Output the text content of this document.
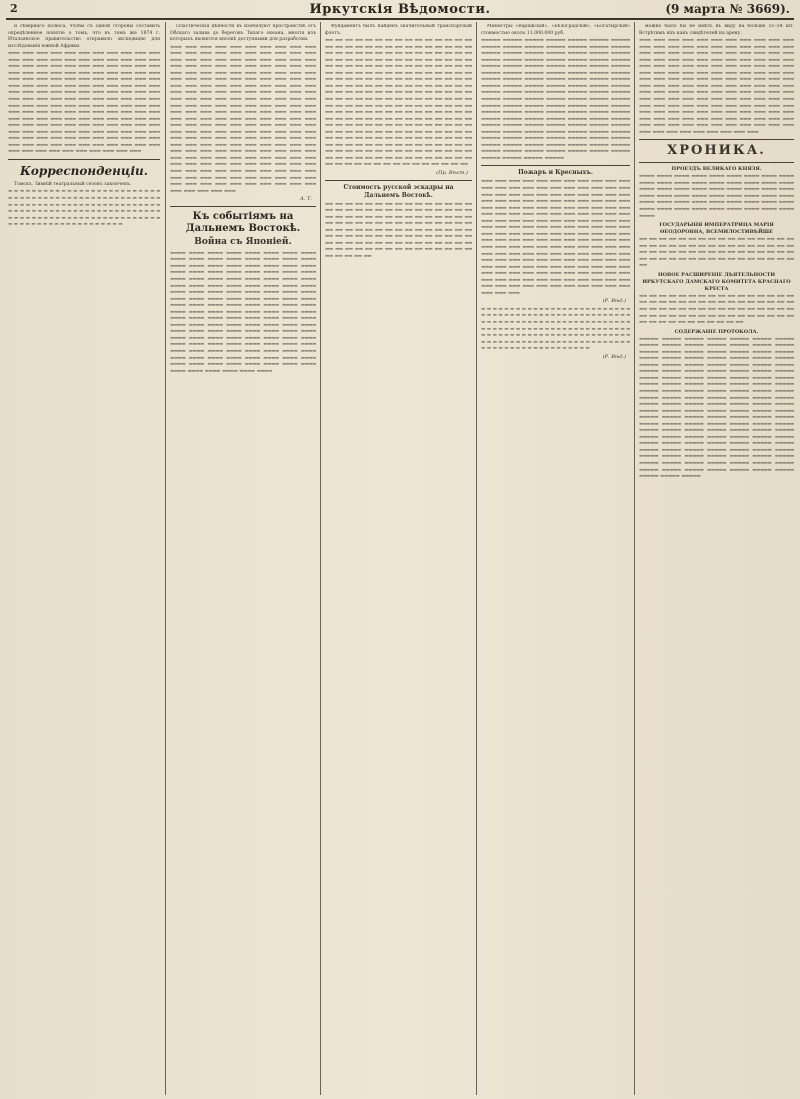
2	Иркутскія Вѣдомости.	(9 марта № 3669).

и сѣвернаго полюса, чтобы съ одной стороны составить опредѣленное понятіе о томъ, что въ томъ же 1874 г. Итальянское правительство отправило экспедицію для изслѣдованія южной Африки.

▬▬▬ ▬▬▬ ▬▬▬ ▬▬▬ ▬▬▬ ▬▬▬ ▬▬▬ ▬▬▬ ▬▬▬ ▬▬▬ ▬▬▬ ▬▬▬ ▬▬▬ ▬▬▬ ▬▬▬ ▬▬▬ ▬▬▬ ▬▬▬ ▬▬▬ ▬▬▬ ▬▬▬ ▬▬▬ ▬▬▬ ▬▬▬ ▬▬▬ ▬▬▬ ▬▬▬ ▬▬▬ ▬▬▬ ▬▬▬ ▬▬▬ ▬▬▬ ▬▬▬ ▬▬▬ ▬▬▬ ▬▬▬ ▬▬▬ ▬▬▬ ▬▬▬ ▬▬▬ ▬▬▬ ▬▬▬ ▬▬▬ ▬▬▬ ▬▬▬ ▬▬▬ ▬▬▬ ▬▬▬ ▬▬▬ ▬▬▬ ▬▬▬ ▬▬▬ ▬▬▬ ▬▬▬ ▬▬▬ ▬▬▬ ▬▬▬ ▬▬▬ ▬▬▬ ▬▬▬ ▬▬▬ ▬▬▬ ▬▬▬ ▬▬▬ ▬▬▬ ▬▬▬ ▬▬▬ ▬▬▬ ▬▬▬ ▬▬▬ ▬▬▬ ▬▬▬ ▬▬▬ ▬▬▬ ▬▬▬ ▬▬▬ ▬▬▬ ▬▬▬ ▬▬▬ ▬▬▬ ▬▬▬ ▬▬▬ ▬▬▬ ▬▬▬ ▬▬▬ ▬▬▬ ▬▬▬ ▬▬▬ ▬▬▬ ▬▬▬ ▬▬▬ ▬▬▬ ▬▬▬ ▬▬▬ ▬▬▬ ▬▬▬ ▬▬▬ ▬▬▬ ▬▬▬ ▬▬▬ ▬▬▬ ▬▬▬ ▬▬▬ ▬▬▬ ▬▬▬ ▬▬▬ ▬▬▬ ▬▬▬ ▬▬▬ ▬▬▬ ▬▬▬ ▬▬▬ ▬▬▬ ▬▬▬ ▬▬▬ ▬▬▬ ▬▬▬ ▬▬▬ ▬▬▬ ▬▬▬ ▬▬▬ ▬▬▬ ▬▬▬ ▬▬▬ ▬▬▬ ▬▬▬ ▬▬▬ ▬▬▬ ▬▬▬ ▬▬▬ ▬▬▬ ▬▬▬ ▬▬▬ ▬▬▬ ▬▬▬ ▬▬▬ ▬▬▬ ▬▬▬ ▬▬▬ ▬▬▬ ▬▬▬ ▬▬▬ ▬▬▬ ▬▬▬ ▬▬▬ ▬▬▬ ▬▬▬ ▬▬▬ ▬▬▬ ▬▬▬ ▬▬▬ ▬▬▬ ▬▬▬ ▬▬▬ ▬▬▬ ▬▬▬ ▬▬▬ ▬▬▬ ▬▬▬ ▬▬▬ ▬▬▬ ▬▬▬ ▬▬▬ ▬▬▬ ▬▬▬ ▬▬▬ ▬▬▬ ▬▬▬ ▬▬▬ ▬▬▬ ▬▬▬ ▬▬▬ ▬▬▬ ▬▬▬ ▬▬▬
Корреспонденціи.

Томскъ. Зимній театральный сезонъ законченъ.

▬ ▬ ▬ ▬ ▬ ▬ ▬ ▬ ▬ ▬ ▬ ▬ ▬ ▬ ▬ ▬ ▬ ▬ ▬ ▬ ▬ ▬ ▬ ▬ ▬ ▬ ▬ ▬ ▬ ▬ ▬ ▬ ▬ ▬ ▬ ▬ ▬ ▬ ▬ ▬ ▬ ▬ ▬ ▬ ▬ ▬ ▬ ▬ ▬ ▬ ▬ ▬ ▬ ▬ ▬ ▬ ▬ ▬ ▬ ▬ ▬ ▬ ▬ ▬ ▬ ▬ ▬ ▬ ▬ ▬ ▬ ▬ ▬ ▬ ▬ ▬ ▬ ▬ ▬ ▬ ▬ ▬ ▬ ▬ ▬ ▬ ▬ ▬ ▬ ▬ ▬ ▬ ▬ ▬ ▬ ▬ ▬ ▬ ▬ ▬ ▬ ▬ ▬ ▬ ▬ ▬ ▬ ▬ ▬ ▬ ▬ ▬ ▬ ▬ ▬ ▬ ▬ ▬ ▬ ▬ ▬ ▬ ▬ ▬ ▬ ▬ ▬ ▬ ▬ ▬ ▬ ▬ ▬ ▬ ▬ ▬ ▬ ▬ ▬ ▬ ▬ ▬ ▬ ▬ ▬ ▬ ▬ ▬ ▬ ▬

Пластическія цѣнности въ изобилуют пространствѣ отъ Обскаго залива до береговъ Тихаго океана, многія изъ которыхъ являются вполнѣ доступными для разработки.

▬▬▬ ▬▬▬ ▬▬▬ ▬▬▬ ▬▬▬ ▬▬▬ ▬▬▬ ▬▬▬ ▬▬▬ ▬▬▬ ▬▬▬ ▬▬▬ ▬▬▬ ▬▬▬ ▬▬▬ ▬▬▬ ▬▬▬ ▬▬▬ ▬▬▬ ▬▬▬ ▬▬▬ ▬▬▬ ▬▬▬ ▬▬▬ ▬▬▬ ▬▬▬ ▬▬▬ ▬▬▬ ▬▬▬ ▬▬▬ ▬▬▬ ▬▬▬ ▬▬▬ ▬▬▬ ▬▬▬ ▬▬▬ ▬▬▬ ▬▬▬ ▬▬▬ ▬▬▬ ▬▬▬ ▬▬▬ ▬▬▬ ▬▬▬ ▬▬▬ ▬▬▬ ▬▬▬ ▬▬▬ ▬▬▬ ▬▬▬ ▬▬▬ ▬▬▬ ▬▬▬ ▬▬▬ ▬▬▬ ▬▬▬ ▬▬▬ ▬▬▬ ▬▬▬ ▬▬▬ ▬▬▬ ▬▬▬ ▬▬▬ ▬▬▬ ▬▬▬ ▬▬▬ ▬▬▬ ▬▬▬ ▬▬▬ ▬▬▬ ▬▬▬ ▬▬▬ ▬▬▬ ▬▬▬ ▬▬▬ ▬▬▬ ▬▬▬ ▬▬▬ ▬▬▬ ▬▬▬ ▬▬▬ ▬▬▬ ▬▬▬ ▬▬▬ ▬▬▬ ▬▬▬ ▬▬▬ ▬▬▬ ▬▬▬ ▬▬▬ ▬▬▬ ▬▬▬ ▬▬▬ ▬▬▬ ▬▬▬ ▬▬▬ ▬▬▬ ▬▬▬ ▬▬▬ ▬▬▬ ▬▬▬ ▬▬▬ ▬▬▬ ▬▬▬ ▬▬▬ ▬▬▬ ▬▬▬ ▬▬▬ ▬▬▬ ▬▬▬ ▬▬▬ ▬▬▬ ▬▬▬ ▬▬▬ ▬▬▬ ▬▬▬ ▬▬▬ ▬▬▬ ▬▬▬ ▬▬▬ ▬▬▬ ▬▬▬ ▬▬▬ ▬▬▬ ▬▬▬ ▬▬▬ ▬▬▬ ▬▬▬ ▬▬▬ ▬▬▬ ▬▬▬ ▬▬▬ ▬▬▬ ▬▬▬ ▬▬▬ ▬▬▬ ▬▬▬ ▬▬▬ ▬▬▬ ▬▬▬ ▬▬▬ ▬▬▬ ▬▬▬ ▬▬▬ ▬▬▬ ▬▬▬ ▬▬▬ ▬▬▬ ▬▬▬ ▬▬▬ ▬▬▬ ▬▬▬ ▬▬▬ ▬▬▬ ▬▬▬ ▬▬▬ ▬▬▬ ▬▬▬ ▬▬▬ ▬▬▬ ▬▬▬ ▬▬▬ ▬▬▬ ▬▬▬ ▬▬▬ ▬▬▬ ▬▬▬ ▬▬▬ ▬▬▬ ▬▬▬ ▬▬▬ ▬▬▬ ▬▬▬ ▬▬▬ ▬▬▬ ▬▬▬ ▬▬▬ ▬▬▬ ▬▬▬ ▬▬▬ ▬▬▬ ▬▬▬ ▬▬▬ ▬▬▬ ▬▬▬ ▬▬▬ ▬▬▬ ▬▬▬ ▬▬▬ ▬▬▬ ▬▬▬ ▬▬▬ ▬▬▬ ▬▬▬ ▬▬▬ ▬▬▬ ▬▬▬ ▬▬▬ ▬▬▬ ▬▬▬ ▬▬▬ ▬▬▬ ▬▬▬ ▬▬▬ ▬▬▬ ▬▬▬ ▬▬▬ ▬▬▬ ▬▬▬ ▬▬▬ ▬▬▬ ▬▬▬ ▬▬▬ ▬▬▬ ▬▬▬ ▬▬▬ ▬▬▬ ▬▬▬ ▬▬▬ ▬▬▬ ▬▬▬ ▬▬▬ ▬▬▬ ▬▬▬ ▬▬▬
А. Т.
Къ событіямъ на Дальнемъ Востокѣ.
Война съ Японіей.
▬▬▬▬ ▬▬▬▬ ▬▬▬▬ ▬▬▬▬ ▬▬▬▬ ▬▬▬▬ ▬▬▬▬ ▬▬▬▬ ▬▬▬▬ ▬▬▬▬ ▬▬▬▬ ▬▬▬▬ ▬▬▬▬ ▬▬▬▬ ▬▬▬▬ ▬▬▬▬ ▬▬▬▬ ▬▬▬▬ ▬▬▬▬ ▬▬▬▬ ▬▬▬▬ ▬▬▬▬ ▬▬▬▬ ▬▬▬▬ ▬▬▬▬ ▬▬▬▬ ▬▬▬▬ ▬▬▬▬ ▬▬▬▬ ▬▬▬▬ ▬▬▬▬ ▬▬▬▬ ▬▬▬▬ ▬▬▬▬ ▬▬▬▬ ▬▬▬▬ ▬▬▬▬ ▬▬▬▬ ▬▬▬▬ ▬▬▬▬ ▬▬▬▬ ▬▬▬▬ ▬▬▬▬ ▬▬▬▬ ▬▬▬▬ ▬▬▬▬ ▬▬▬▬ ▬▬▬▬ ▬▬▬▬ ▬▬▬▬ ▬▬▬▬ ▬▬▬▬ ▬▬▬▬ ▬▬▬▬ ▬▬▬▬ ▬▬▬▬ ▬▬▬▬ ▬▬▬▬ ▬▬▬▬ ▬▬▬▬ ▬▬▬▬ ▬▬▬▬ ▬▬▬▬ ▬▬▬▬ ▬▬▬▬ ▬▬▬▬ ▬▬▬▬ ▬▬▬▬ ▬▬▬▬ ▬▬▬▬ ▬▬▬▬ ▬▬▬▬ ▬▬▬▬ ▬▬▬▬ ▬▬▬▬ ▬▬▬▬ ▬▬▬▬ ▬▬▬▬ ▬▬▬▬ ▬▬▬▬ ▬▬▬▬ ▬▬▬▬ ▬▬▬▬ ▬▬▬▬ ▬▬▬▬ ▬▬▬▬ ▬▬▬▬ ▬▬▬▬ ▬▬▬▬ ▬▬▬▬ ▬▬▬▬ ▬▬▬▬ ▬▬▬▬ ▬▬▬▬ ▬▬▬▬ ▬▬▬▬ ▬▬▬▬ ▬▬▬▬ ▬▬▬▬ ▬▬▬▬ ▬▬▬▬ ▬▬▬▬ ▬▬▬▬ ▬▬▬▬ ▬▬▬▬ ▬▬▬▬ ▬▬▬▬ ▬▬▬▬ ▬▬▬▬ ▬▬▬▬ ▬▬▬▬ ▬▬▬▬ ▬▬▬▬ ▬▬▬▬ ▬▬▬▬ ▬▬▬▬ ▬▬▬▬ ▬▬▬▬ ▬▬▬▬ ▬▬▬▬ ▬▬▬▬ ▬▬▬▬ ▬▬▬▬ ▬▬▬▬ ▬▬▬▬ ▬▬▬▬ ▬▬▬▬ ▬▬▬▬ ▬▬▬▬ ▬▬▬▬ ▬▬▬▬ ▬▬▬▬ ▬▬▬▬ ▬▬▬▬ ▬▬▬▬ ▬▬▬▬ ▬▬▬▬ ▬▬▬▬ ▬▬▬▬ ▬▬▬▬ ▬▬▬▬ ▬▬▬▬ ▬▬▬▬ ▬▬▬▬ ▬▬▬▬ ▬▬▬▬ ▬▬▬▬ ▬▬▬▬ ▬▬▬▬ ▬▬▬▬

Фундаментъ былъ найденъ значительный транспортный флотъ.

▬▬ ▬▬ ▬▬ ▬▬ ▬▬ ▬▬ ▬▬ ▬▬ ▬▬ ▬▬ ▬▬ ▬▬ ▬▬ ▬▬ ▬▬ ▬▬ ▬▬ ▬▬ ▬▬ ▬▬ ▬▬ ▬▬ ▬▬ ▬▬ ▬▬ ▬▬ ▬▬ ▬▬ ▬▬ ▬▬ ▬▬ ▬▬ ▬▬ ▬▬ ▬▬ ▬▬ ▬▬ ▬▬ ▬▬ ▬▬ ▬▬ ▬▬ ▬▬ ▬▬ ▬▬ ▬▬ ▬▬ ▬▬ ▬▬ ▬▬ ▬▬ ▬▬ ▬▬ ▬▬ ▬▬ ▬▬ ▬▬ ▬▬ ▬▬ ▬▬ ▬▬ ▬▬ ▬▬ ▬▬ ▬▬ ▬▬ ▬▬ ▬▬ ▬▬ ▬▬ ▬▬ ▬▬ ▬▬ ▬▬ ▬▬ ▬▬ ▬▬ ▬▬ ▬▬ ▬▬ ▬▬ ▬▬ ▬▬ ▬▬ ▬▬ ▬▬ ▬▬ ▬▬ ▬▬ ▬▬ ▬▬ ▬▬ ▬▬ ▬▬ ▬▬ ▬▬ ▬▬ ▬▬ ▬▬ ▬▬ ▬▬ ▬▬ ▬▬ ▬▬ ▬▬ ▬▬ ▬▬ ▬▬ ▬▬ ▬▬ ▬▬ ▬▬ ▬▬ ▬▬ ▬▬ ▬▬ ▬▬ ▬▬ ▬▬ ▬▬ ▬▬ ▬▬ ▬▬ ▬▬ ▬▬ ▬▬ ▬▬ ▬▬ ▬▬ ▬▬ ▬▬ ▬▬ ▬▬ ▬▬ ▬▬ ▬▬ ▬▬ ▬▬ ▬▬ ▬▬ ▬▬ ▬▬ ▬▬ ▬▬ ▬▬ ▬▬ ▬▬ ▬▬ ▬▬ ▬▬ ▬▬ ▬▬ ▬▬ ▬▬ ▬▬ ▬▬ ▬▬ ▬▬ ▬▬ ▬▬ ▬▬ ▬▬ ▬▬ ▬▬ ▬▬ ▬▬ ▬▬ ▬▬ ▬▬ ▬▬ ▬▬ ▬▬ ▬▬ ▬▬ ▬▬ ▬▬ ▬▬ ▬▬ ▬▬ ▬▬ ▬▬ ▬▬ ▬▬ ▬▬ ▬▬ ▬▬ ▬▬ ▬▬ ▬▬ ▬▬ ▬▬ ▬▬ ▬▬ ▬▬ ▬▬ ▬▬ ▬▬ ▬▬ ▬▬ ▬▬ ▬▬ ▬▬ ▬▬ ▬▬ ▬▬ ▬▬ ▬▬ ▬▬ ▬▬ ▬▬ ▬▬ ▬▬ ▬▬ ▬▬ ▬▬ ▬▬ ▬▬ ▬▬ ▬▬ ▬▬ ▬▬ ▬▬ ▬▬ ▬▬ ▬▬ ▬▬ ▬▬ ▬▬ ▬▬ ▬▬ ▬▬ ▬▬ ▬▬ ▬▬ ▬▬ ▬▬ ▬▬ ▬▬ ▬▬ ▬▬ ▬▬ ▬▬ ▬▬ ▬▬ ▬▬ ▬▬ ▬▬ ▬▬ ▬▬ ▬▬ ▬▬ ▬▬ ▬▬ ▬▬ ▬▬ ▬▬ ▬▬ ▬▬ ▬▬ ▬▬ ▬▬ ▬▬ ▬▬ ▬▬ ▬▬ ▬▬ ▬▬ ▬▬ ▬▬ ▬▬ ▬▬ ▬▬ ▬▬ ▬▬ ▬▬ ▬▬ ▬▬ ▬▬ ▬▬ ▬▬ ▬▬ ▬▬ ▬▬ ▬▬ ▬▬ ▬▬ ▬▬ ▬▬ ▬▬ ▬▬ ▬▬ ▬▬ ▬▬ ▬▬ ▬▬ ▬▬ ▬▬ ▬▬ ▬▬ ▬▬
(Пр. Вѣст.)
Стоимость русской эскадры на Дальнемъ Востокѣ.
▬▬ ▬▬ ▬▬ ▬▬ ▬▬ ▬▬ ▬▬ ▬▬ ▬▬ ▬▬ ▬▬ ▬▬ ▬▬ ▬▬ ▬▬ ▬▬ ▬▬ ▬▬ ▬▬ ▬▬ ▬▬ ▬▬ ▬▬ ▬▬ ▬▬ ▬▬ ▬▬ ▬▬ ▬▬ ▬▬ ▬▬ ▬▬ ▬▬ ▬▬ ▬▬ ▬▬ ▬▬ ▬▬ ▬▬ ▬▬ ▬▬ ▬▬ ▬▬ ▬▬ ▬▬ ▬▬ ▬▬ ▬▬ ▬▬ ▬▬ ▬▬ ▬▬ ▬▬ ▬▬ ▬▬ ▬▬ ▬▬ ▬▬ ▬▬ ▬▬ ▬▬ ▬▬ ▬▬ ▬▬ ▬▬ ▬▬ ▬▬ ▬▬ ▬▬ ▬▬ ▬▬ ▬▬ ▬▬ ▬▬ ▬▬ ▬▬ ▬▬ ▬▬ ▬▬ ▬▬ ▬▬ ▬▬ ▬▬ ▬▬ ▬▬ ▬▬ ▬▬ ▬▬ ▬▬ ▬▬ ▬▬ ▬▬ ▬▬ ▬▬ ▬▬ ▬▬ ▬▬ ▬▬ ▬▬ ▬▬ ▬▬ ▬▬ ▬▬ ▬▬ ▬▬ ▬▬ ▬▬ ▬▬ ▬▬ ▬▬ ▬▬ ▬▬ ▬▬ ▬▬ ▬▬ ▬▬ ▬▬ ▬▬ ▬▬ ▬▬ ▬▬ ▬▬ ▬▬ ▬▬ ▬▬

Министры «Варяжскій», «Бѣлоградскій», «Богатырскій» стоимостью около 11.000.000 руб.

▬▬▬▬▬ ▬▬▬▬▬ ▬▬▬▬▬ ▬▬▬▬▬ ▬▬▬▬▬ ▬▬▬▬▬ ▬▬▬▬▬ ▬▬▬▬▬ ▬▬▬▬▬ ▬▬▬▬▬ ▬▬▬▬▬ ▬▬▬▬▬ ▬▬▬▬▬ ▬▬▬▬▬ ▬▬▬▬▬ ▬▬▬▬▬ ▬▬▬▬▬ ▬▬▬▬▬ ▬▬▬▬▬ ▬▬▬▬▬ ▬▬▬▬▬ ▬▬▬▬▬ ▬▬▬▬▬ ▬▬▬▬▬ ▬▬▬▬▬ ▬▬▬▬▬ ▬▬▬▬▬ ▬▬▬▬▬ ▬▬▬▬▬ ▬▬▬▬▬ ▬▬▬▬▬ ▬▬▬▬▬ ▬▬▬▬▬ ▬▬▬▬▬ ▬▬▬▬▬ ▬▬▬▬▬ ▬▬▬▬▬ ▬▬▬▬▬ ▬▬▬▬▬ ▬▬▬▬▬ ▬▬▬▬▬ ▬▬▬▬▬ ▬▬▬▬▬ ▬▬▬▬▬ ▬▬▬▬▬ ▬▬▬▬▬ ▬▬▬▬▬ ▬▬▬▬▬ ▬▬▬▬▬ ▬▬▬▬▬ ▬▬▬▬▬ ▬▬▬▬▬ ▬▬▬▬▬ ▬▬▬▬▬ ▬▬▬▬▬ ▬▬▬▬▬ ▬▬▬▬▬ ▬▬▬▬▬ ▬▬▬▬▬ ▬▬▬▬▬ ▬▬▬▬▬ ▬▬▬▬▬ ▬▬▬▬▬ ▬▬▬▬▬ ▬▬▬▬▬ ▬▬▬▬▬ ▬▬▬▬▬ ▬▬▬▬▬ ▬▬▬▬▬ ▬▬▬▬▬ ▬▬▬▬▬ ▬▬▬▬▬ ▬▬▬▬▬ ▬▬▬▬▬ ▬▬▬▬▬ ▬▬▬▬▬ ▬▬▬▬▬ ▬▬▬▬▬ ▬▬▬▬▬ ▬▬▬▬▬ ▬▬▬▬▬ ▬▬▬▬▬ ▬▬▬▬▬ ▬▬▬▬▬ ▬▬▬▬▬ ▬▬▬▬▬ ▬▬▬▬▬ ▬▬▬▬▬ ▬▬▬▬▬ ▬▬▬▬▬ ▬▬▬▬▬ ▬▬▬▬▬ ▬▬▬▬▬ ▬▬▬▬▬ ▬▬▬▬▬ ▬▬▬▬▬ ▬▬▬▬▬ ▬▬▬▬▬ ▬▬▬▬▬ ▬▬▬▬▬ ▬▬▬▬▬ ▬▬▬▬▬ ▬▬▬▬▬ ▬▬▬▬▬ ▬▬▬▬▬ ▬▬▬▬▬ ▬▬▬▬▬ ▬▬▬▬▬ ▬▬▬▬▬ ▬▬▬▬▬ ▬▬▬▬▬ ▬▬▬▬▬ ▬▬▬▬▬ ▬▬▬▬▬ ▬▬▬▬▬ ▬▬▬▬▬ ▬▬▬▬▬ ▬▬▬▬▬ ▬▬▬▬▬ ▬▬▬▬▬ ▬▬▬▬▬ ▬▬▬▬▬ ▬▬▬▬▬ ▬▬▬▬▬ ▬▬▬▬▬ ▬▬▬▬▬ ▬▬▬▬▬ ▬▬▬▬▬ ▬▬▬▬▬ ▬▬▬▬▬
Пожаръ и Кресныхъ.
▬▬▬ ▬▬▬ ▬▬▬ ▬▬▬ ▬▬▬ ▬▬▬ ▬▬▬ ▬▬▬ ▬▬▬ ▬▬▬ ▬▬▬ ▬▬▬ ▬▬▬ ▬▬▬ ▬▬▬ ▬▬▬ ▬▬▬ ▬▬▬ ▬▬▬ ▬▬▬ ▬▬▬ ▬▬▬ ▬▬▬ ▬▬▬ ▬▬▬ ▬▬▬ ▬▬▬ ▬▬▬ ▬▬▬ ▬▬▬ ▬▬▬ ▬▬▬ ▬▬▬ ▬▬▬ ▬▬▬ ▬▬▬ ▬▬▬ ▬▬▬ ▬▬▬ ▬▬▬ ▬▬▬ ▬▬▬ ▬▬▬ ▬▬▬ ▬▬▬ ▬▬▬ ▬▬▬ ▬▬▬ ▬▬▬ ▬▬▬ ▬▬▬ ▬▬▬ ▬▬▬ ▬▬▬ ▬▬▬ ▬▬▬ ▬▬▬ ▬▬▬ ▬▬▬ ▬▬▬ ▬▬▬ ▬▬▬ ▬▬▬ ▬▬▬ ▬▬▬ ▬▬▬ ▬▬▬ ▬▬▬ ▬▬▬ ▬▬▬ ▬▬▬ ▬▬▬ ▬▬▬ ▬▬▬ ▬▬▬ ▬▬▬ ▬▬▬ ▬▬▬ ▬▬▬ ▬▬▬ ▬▬▬ ▬▬▬ ▬▬▬ ▬▬▬ ▬▬▬ ▬▬▬ ▬▬▬ ▬▬▬ ▬▬▬ ▬▬▬ ▬▬▬ ▬▬▬ ▬▬▬ ▬▬▬ ▬▬▬ ▬▬▬ ▬▬▬ ▬▬▬ ▬▬▬ ▬▬▬ ▬▬▬ ▬▬▬ ▬▬▬ ▬▬▬ ▬▬▬ ▬▬▬ ▬▬▬ ▬▬▬ ▬▬▬ ▬▬▬ ▬▬▬ ▬▬▬ ▬▬▬ ▬▬▬ ▬▬▬ ▬▬▬ ▬▬▬ ▬▬▬ ▬▬▬ ▬▬▬ ▬▬▬ ▬▬▬ ▬▬▬ ▬▬▬ ▬▬▬ ▬▬▬ ▬▬▬ ▬▬▬ ▬▬▬ ▬▬▬ ▬▬▬ ▬▬▬ ▬▬▬ ▬▬▬ ▬▬▬ ▬▬▬ ▬▬▬ ▬▬▬ ▬▬▬ ▬▬▬ ▬▬▬ ▬▬▬ ▬▬▬ ▬▬▬ ▬▬▬ ▬▬▬ ▬▬▬ ▬▬▬ ▬▬▬ ▬▬▬ ▬▬▬ ▬▬▬ ▬▬▬ ▬▬▬ ▬▬▬ ▬▬▬ ▬▬▬ ▬▬▬ ▬▬▬ ▬▬▬ ▬▬▬ ▬▬▬ ▬▬▬ ▬▬▬ ▬▬▬ ▬▬▬ ▬▬▬ ▬▬▬ ▬▬▬ ▬▬▬ ▬▬▬ ▬▬▬ ▬▬▬ ▬▬▬ ▬▬▬ ▬▬▬ ▬▬▬ ▬▬▬ ▬▬▬ ▬▬▬ ▬▬▬ ▬▬▬ ▬▬▬ ▬▬▬ ▬▬▬ ▬▬▬ ▬▬▬ ▬▬▬ ▬▬▬ ▬▬▬
(Р. Вѣд.)
▬ ▬ ▬ ▬ ▬ ▬ ▬ ▬ ▬ ▬ ▬ ▬ ▬ ▬ ▬ ▬ ▬ ▬ ▬ ▬ ▬ ▬ ▬ ▬ ▬ ▬ ▬ ▬ ▬ ▬ ▬ ▬ ▬ ▬ ▬ ▬ ▬ ▬ ▬ ▬ ▬ ▬ ▬ ▬ ▬ ▬ ▬ ▬ ▬ ▬ ▬ ▬ ▬ ▬ ▬ ▬ ▬ ▬ ▬ ▬ ▬ ▬ ▬ ▬ ▬ ▬ ▬ ▬ ▬ ▬ ▬ ▬ ▬ ▬ ▬ ▬ ▬ ▬ ▬ ▬ ▬ ▬ ▬ ▬ ▬ ▬ ▬ ▬ ▬ ▬ ▬ ▬ ▬ ▬ ▬ ▬ ▬ ▬ ▬ ▬ ▬ ▬ ▬ ▬ ▬ ▬ ▬ ▬ ▬ ▬ ▬ ▬ ▬ ▬ ▬ ▬ ▬ ▬ ▬ ▬ ▬ ▬ ▬ ▬ ▬ ▬ ▬ ▬ ▬ ▬ ▬ ▬ ▬ ▬ ▬ ▬ ▬ ▬ ▬ ▬ ▬ ▬ ▬ ▬ ▬ ▬ ▬ ▬ ▬ ▬ ▬ ▬ ▬ ▬ ▬ ▬ ▬ ▬ ▬ ▬ ▬ ▬ ▬ ▬ ▬ ▬ ▬ ▬ ▬ ▬ ▬ ▬ ▬ ▬ ▬
(Р. Вѣд.)

можно было бы не имѣть въ виду на больше 51–54 шт. Встрѣтимъ ихъ какъ свидѣтелей на арену.

▬▬▬ ▬▬▬ ▬▬▬ ▬▬▬ ▬▬▬ ▬▬▬ ▬▬▬ ▬▬▬ ▬▬▬ ▬▬▬ ▬▬▬ ▬▬▬ ▬▬▬ ▬▬▬ ▬▬▬ ▬▬▬ ▬▬▬ ▬▬▬ ▬▬▬ ▬▬▬ ▬▬▬ ▬▬▬ ▬▬▬ ▬▬▬ ▬▬▬ ▬▬▬ ▬▬▬ ▬▬▬ ▬▬▬ ▬▬▬ ▬▬▬ ▬▬▬ ▬▬▬ ▬▬▬ ▬▬▬ ▬▬▬ ▬▬▬ ▬▬▬ ▬▬▬ ▬▬▬ ▬▬▬ ▬▬▬ ▬▬▬ ▬▬▬ ▬▬▬ ▬▬▬ ▬▬▬ ▬▬▬ ▬▬▬ ▬▬▬ ▬▬▬ ▬▬▬ ▬▬▬ ▬▬▬ ▬▬▬ ▬▬▬ ▬▬▬ ▬▬▬ ▬▬▬ ▬▬▬ ▬▬▬ ▬▬▬ ▬▬▬ ▬▬▬ ▬▬▬ ▬▬▬ ▬▬▬ ▬▬▬ ▬▬▬ ▬▬▬ ▬▬▬ ▬▬▬ ▬▬▬ ▬▬▬ ▬▬▬ ▬▬▬ ▬▬▬ ▬▬▬ ▬▬▬ ▬▬▬ ▬▬▬ ▬▬▬ ▬▬▬ ▬▬▬ ▬▬▬ ▬▬▬ ▬▬▬ ▬▬▬ ▬▬▬ ▬▬▬ ▬▬▬ ▬▬▬ ▬▬▬ ▬▬▬ ▬▬▬ ▬▬▬ ▬▬▬ ▬▬▬ ▬▬▬ ▬▬▬ ▬▬▬ ▬▬▬ ▬▬▬ ▬▬▬ ▬▬▬ ▬▬▬ ▬▬▬ ▬▬▬ ▬▬▬ ▬▬▬ ▬▬▬ ▬▬▬ ▬▬▬ ▬▬▬ ▬▬▬ ▬▬▬ ▬▬▬ ▬▬▬ ▬▬▬ ▬▬▬ ▬▬▬ ▬▬▬ ▬▬▬ ▬▬▬ ▬▬▬ ▬▬▬ ▬▬▬ ▬▬▬ ▬▬▬ ▬▬▬ ▬▬▬ ▬▬▬ ▬▬▬ ▬▬▬ ▬▬▬ ▬▬▬ ▬▬▬ ▬▬▬ ▬▬▬ ▬▬▬ ▬▬▬ ▬▬▬ ▬▬▬ ▬▬▬ ▬▬▬ ▬▬▬ ▬▬▬ ▬▬▬ ▬▬▬ ▬▬▬ ▬▬▬ ▬▬▬ ▬▬▬ ▬▬▬ ▬▬▬ ▬▬▬ ▬▬▬ ▬▬▬ ▬▬▬ ▬▬▬ ▬▬▬ ▬▬▬ ▬▬▬
ХРОНИКА.
ПРОЕЗДЪ ВЕЛИКАГО КНЯЗЯ.
▬▬▬▬ ▬▬▬▬ ▬▬▬▬ ▬▬▬▬ ▬▬▬▬ ▬▬▬▬ ▬▬▬▬ ▬▬▬▬ ▬▬▬▬ ▬▬▬▬ ▬▬▬▬ ▬▬▬▬ ▬▬▬▬ ▬▬▬▬ ▬▬▬▬ ▬▬▬▬ ▬▬▬▬ ▬▬▬▬ ▬▬▬▬ ▬▬▬▬ ▬▬▬▬ ▬▬▬▬ ▬▬▬▬ ▬▬▬▬ ▬▬▬▬ ▬▬▬▬ ▬▬▬▬ ▬▬▬▬ ▬▬▬▬ ▬▬▬▬ ▬▬▬▬ ▬▬▬▬ ▬▬▬▬ ▬▬▬▬ ▬▬▬▬ ▬▬▬▬ ▬▬▬▬ ▬▬▬▬ ▬▬▬▬ ▬▬▬▬ ▬▬▬▬ ▬▬▬▬ ▬▬▬▬ ▬▬▬▬ ▬▬▬▬ ▬▬▬▬ ▬▬▬▬ ▬▬▬▬ ▬▬▬▬ ▬▬▬▬ ▬▬▬▬ ▬▬▬▬ ▬▬▬▬ ▬▬▬▬ ▬▬▬▬
ГОСУДАРЫНЯ ИМПЕРАТРИЦА МАРІЯ ѲЕОДОРОВНА, ВСЕМИЛОСТИВѢЙШЕ
▬▬ ▬▬ ▬▬ ▬▬ ▬▬ ▬▬ ▬▬ ▬▬ ▬▬ ▬▬ ▬▬ ▬▬ ▬▬ ▬▬ ▬▬ ▬▬ ▬▬ ▬▬ ▬▬ ▬▬ ▬▬ ▬▬ ▬▬ ▬▬ ▬▬ ▬▬ ▬▬ ▬▬ ▬▬ ▬▬ ▬▬ ▬▬ ▬▬ ▬▬ ▬▬ ▬▬ ▬▬ ▬▬ ▬▬ ▬▬ ▬▬ ▬▬ ▬▬ ▬▬ ▬▬ ▬▬ ▬▬ ▬▬ ▬▬ ▬▬ ▬▬ ▬▬ ▬▬ ▬▬ ▬▬ ▬▬ ▬▬ ▬▬ ▬▬ ▬▬ ▬▬ ▬▬ ▬▬ ▬▬ ▬▬
НОВОЕ РАСШИРЕНІЕ ДѢЯТЕЛЬНОСТИ ИРКУТСКАГО ДАМСКАГО КОМИТЕТА КРАСНАГО КРЕСТА
▬▬ ▬▬ ▬▬ ▬▬ ▬▬ ▬▬ ▬▬ ▬▬ ▬▬ ▬▬ ▬▬ ▬▬ ▬▬ ▬▬ ▬▬ ▬▬ ▬▬ ▬▬ ▬▬ ▬▬ ▬▬ ▬▬ ▬▬ ▬▬ ▬▬ ▬▬ ▬▬ ▬▬ ▬▬ ▬▬ ▬▬ ▬▬ ▬▬ ▬▬ ▬▬ ▬▬ ▬▬ ▬▬ ▬▬ ▬▬ ▬▬ ▬▬ ▬▬ ▬▬ ▬▬ ▬▬ ▬▬ ▬▬ ▬▬ ▬▬ ▬▬ ▬▬ ▬▬ ▬▬ ▬▬ ▬▬ ▬▬ ▬▬ ▬▬ ▬▬ ▬▬ ▬▬ ▬▬ ▬▬ ▬▬ ▬▬ ▬▬ ▬▬ ▬▬ ▬▬ ▬▬ ▬▬ ▬▬ ▬▬ ▬▬
СОДЕРЖАНІЕ ПРОТОКОЛА.
▬▬▬▬▬ ▬▬▬▬▬ ▬▬▬▬▬ ▬▬▬▬▬ ▬▬▬▬▬ ▬▬▬▬▬ ▬▬▬▬▬ ▬▬▬▬▬ ▬▬▬▬▬ ▬▬▬▬▬ ▬▬▬▬▬ ▬▬▬▬▬ ▬▬▬▬▬ ▬▬▬▬▬ ▬▬▬▬▬ ▬▬▬▬▬ ▬▬▬▬▬ ▬▬▬▬▬ ▬▬▬▬▬ ▬▬▬▬▬ ▬▬▬▬▬ ▬▬▬▬▬ ▬▬▬▬▬ ▬▬▬▬▬ ▬▬▬▬▬ ▬▬▬▬▬ ▬▬▬▬▬ ▬▬▬▬▬ ▬▬▬▬▬ ▬▬▬▬▬ ▬▬▬▬▬ ▬▬▬▬▬ ▬▬▬▬▬ ▬▬▬▬▬ ▬▬▬▬▬ ▬▬▬▬▬ ▬▬▬▬▬ ▬▬▬▬▬ ▬▬▬▬▬ ▬▬▬▬▬ ▬▬▬▬▬ ▬▬▬▬▬ ▬▬▬▬▬ ▬▬▬▬▬ ▬▬▬▬▬ ▬▬▬▬▬ ▬▬▬▬▬ ▬▬▬▬▬ ▬▬▬▬▬ ▬▬▬▬▬ ▬▬▬▬▬ ▬▬▬▬▬ ▬▬▬▬▬ ▬▬▬▬▬ ▬▬▬▬▬ ▬▬▬▬▬ ▬▬▬▬▬ ▬▬▬▬▬ ▬▬▬▬▬ ▬▬▬▬▬ ▬▬▬▬▬ ▬▬▬▬▬ ▬▬▬▬▬ ▬▬▬▬▬ ▬▬▬▬▬ ▬▬▬▬▬ ▬▬▬▬▬ ▬▬▬▬▬ ▬▬▬▬▬ ▬▬▬▬▬ ▬▬▬▬▬ ▬▬▬▬▬ ▬▬▬▬▬ ▬▬▬▬▬ ▬▬▬▬▬ ▬▬▬▬▬ ▬▬▬▬▬ ▬▬▬▬▬ ▬▬▬▬▬ ▬▬▬▬▬ ▬▬▬▬▬ ▬▬▬▬▬ ▬▬▬▬▬ ▬▬▬▬▬ ▬▬▬▬▬ ▬▬▬▬▬ ▬▬▬▬▬ ▬▬▬▬▬ ▬▬▬▬▬ ▬▬▬▬▬ ▬▬▬▬▬ ▬▬▬▬▬ ▬▬▬▬▬ ▬▬▬▬▬ ▬▬▬▬▬ ▬▬▬▬▬ ▬▬▬▬▬ ▬▬▬▬▬ ▬▬▬▬▬ ▬▬▬▬▬ ▬▬▬▬▬ ▬▬▬▬▬ ▬▬▬▬▬ ▬▬▬▬▬ ▬▬▬▬▬ ▬▬▬▬▬ ▬▬▬▬▬ ▬▬▬▬▬ ▬▬▬▬▬ ▬▬▬▬▬ ▬▬▬▬▬ ▬▬▬▬▬ ▬▬▬▬▬ ▬▬▬▬▬ ▬▬▬▬▬ ▬▬▬▬▬ ▬▬▬▬▬ ▬▬▬▬▬ ▬▬▬▬▬ ▬▬▬▬▬ ▬▬▬▬▬ ▬▬▬▬▬ ▬▬▬▬▬ ▬▬▬▬▬ ▬▬▬▬▬ ▬▬▬▬▬ ▬▬▬▬▬ ▬▬▬▬▬ ▬▬▬▬▬ ▬▬▬▬▬ ▬▬▬▬▬ ▬▬▬▬▬ ▬▬▬▬▬ ▬▬▬▬▬ ▬▬▬▬▬ ▬▬▬▬▬ ▬▬▬▬▬ ▬▬▬▬▬ ▬▬▬▬▬ ▬▬▬▬▬ ▬▬▬▬▬ ▬▬▬▬▬ ▬▬▬▬▬ ▬▬▬▬▬ ▬▬▬▬▬ ▬▬▬▬▬ ▬▬▬▬▬ ▬▬▬▬▬ ▬▬▬▬▬ ▬▬▬▬▬
